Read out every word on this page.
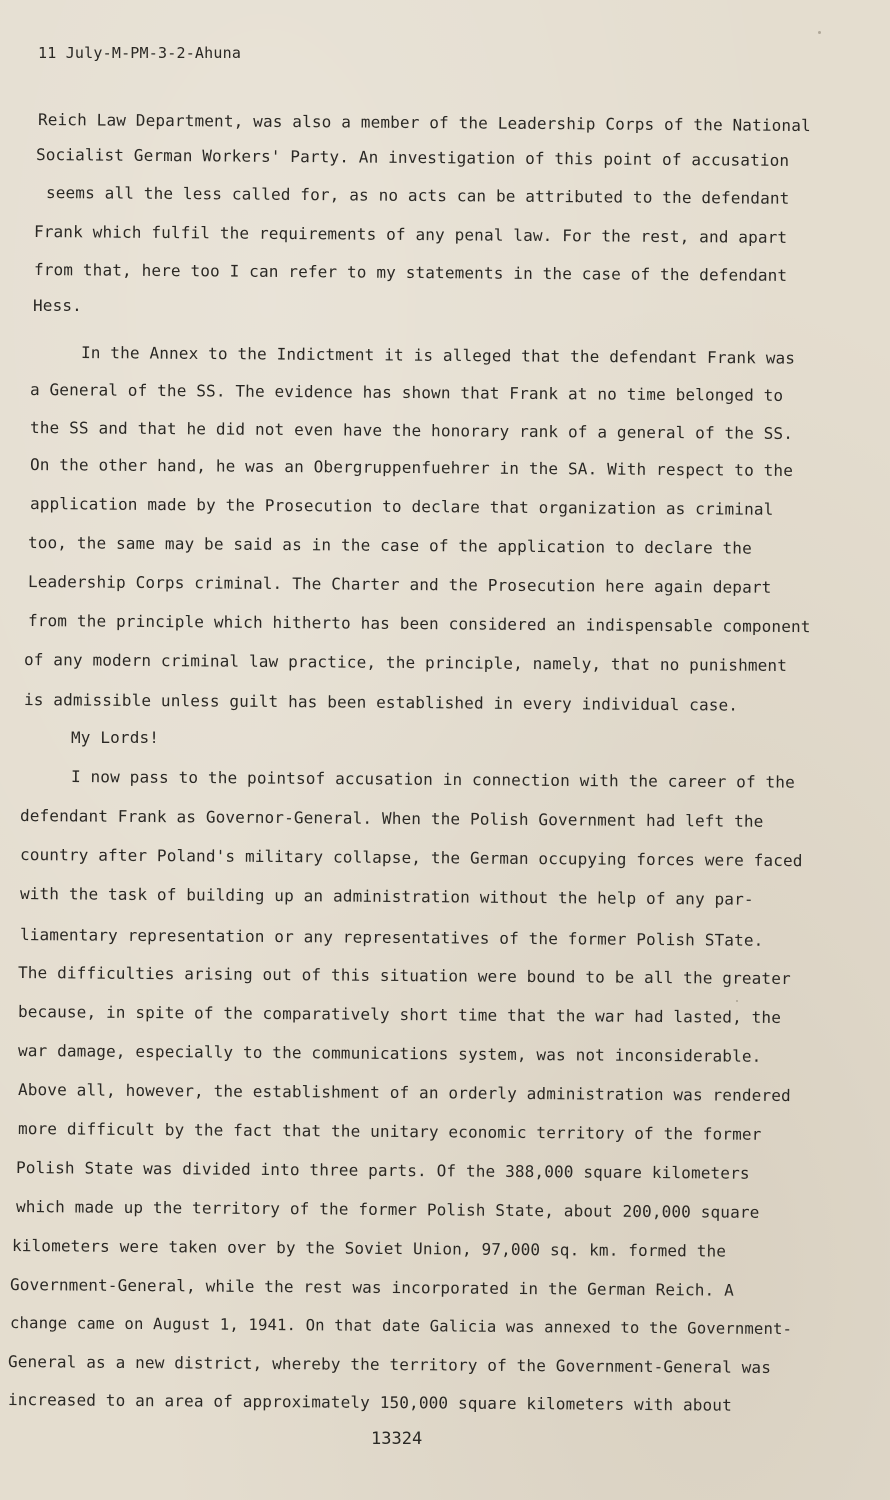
11 July-M-PM-3-2-Ahuna
Reich Law Department, was also a member of the Leadership Corps of the National
Socialist German Workers' Party. An investigation of this point of accusation
seems all the less called for, as no acts can be attributed to the defendant
Frank which fulfil the requirements of any penal law. For the rest, and apart
from that, here too I can refer to my statements in the case of the defendant
Hess.
In the Annex to the Indictment it is alleged that the defendant Frank was
a General of the SS. The evidence has shown that Frank at no time belonged to
the SS and that he did not even have the honorary rank of a general of the SS.
On the other hand, he was an Obergruppenfuehrer in the SA. With respect to the
application made by the Prosecution to declare that organization as criminal
too, the same may be said as in the case of the application to declare the
Leadership Corps criminal. The Charter and the Prosecution here again depart
from the principle which hitherto has been considered an indispensable component
of any modern criminal law practice, the principle, namely, that no punishment
is admissible unless guilt has been established in every individual case.
My Lords!
I now pass to the pointsof accusation in connection with the career of the
defendant Frank as Governor-General. When the Polish Government had left the
country after Poland's military collapse, the German occupying forces were faced
with the task of building up an administration without the help of any par-
liamentary representation or any representatives of the former Polish STate.
The difficulties arising out of this situation were bound to be all the greater
because, in spite of the comparatively short time that the war had lasted, the
war damage, especially to the communications system, was not inconsiderable.
Above all, however, the establishment of an orderly administration was rendered
more difficult by the fact that the unitary economic territory of the former
Polish State was divided into three parts. Of the 388,000 square kilometers
which made up the territory of the former Polish State, about 200,000 square
kilometers were taken over by the Soviet Union, 97,000 sq. km. formed the
Government-General, while the rest was incorporated in the German Reich. A
change came on August 1, 1941. On that date Galicia was annexed to the Government-
General as a new district, whereby the territory of the Government-General was
increased to an area of approximately 150,000 square kilometers with about
13324
